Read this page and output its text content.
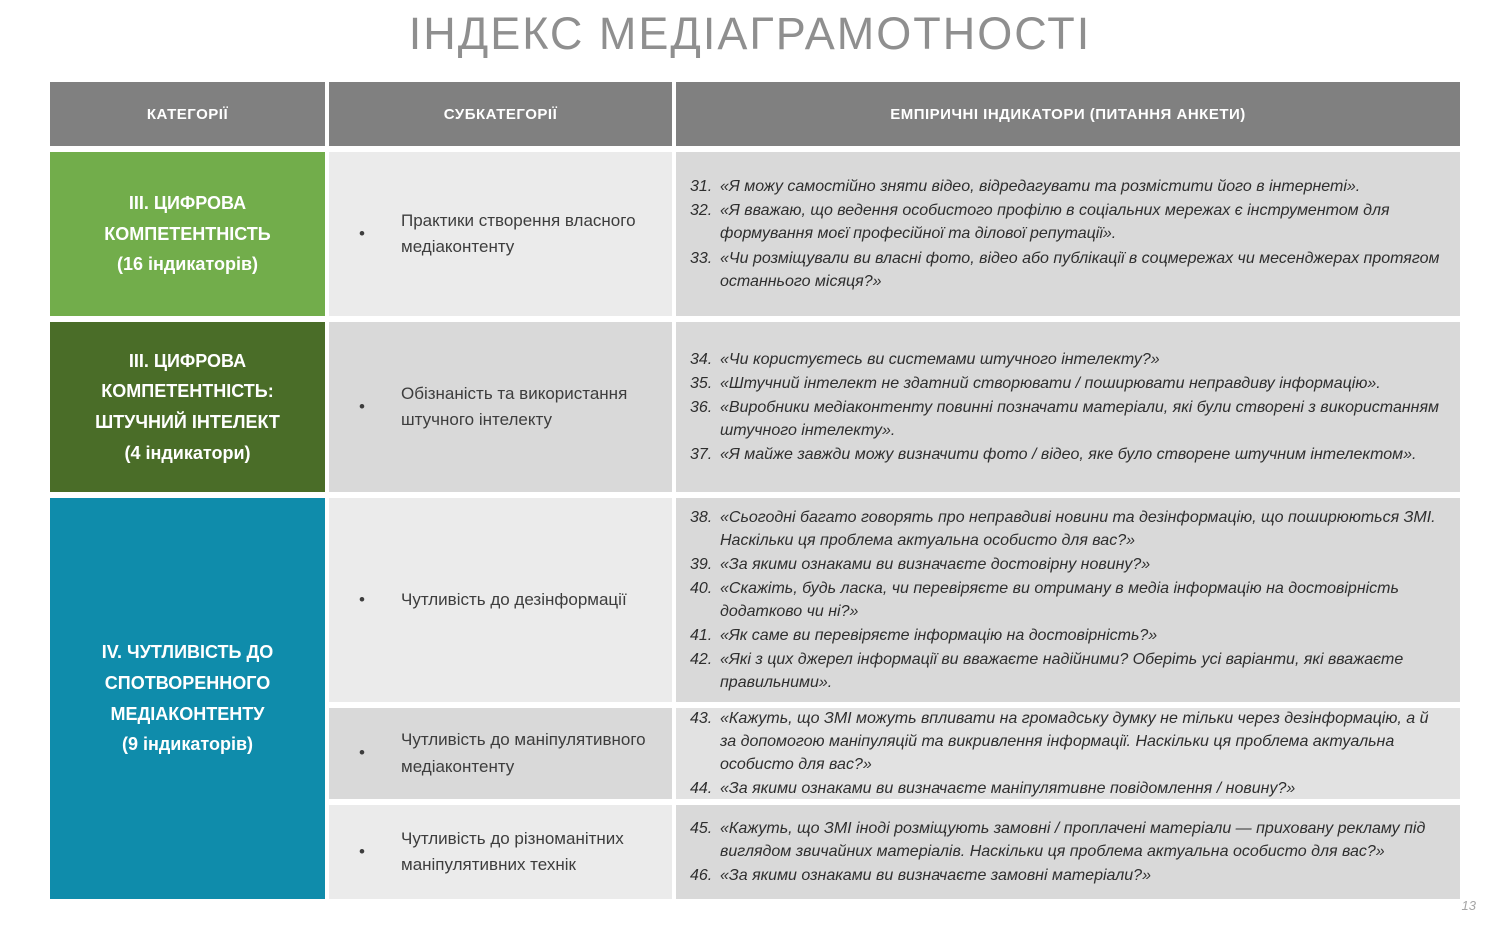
ІНДЕКС МЕДІАГРАМОТНОСТІ
КАТЕГОРІЇ	СУБКАТЕГОРІЇ	ЕМПІРИЧНІ ІНДИКАТОРИ (ПИТАННЯ АНКЕТИ)
ІІІ. ЦИФРОВА КОМПЕТЕНТНІСТЬ
(16 індикаторів)
•
Практики створення власного медіаконтенту
31. «Я можу самостійно зняти відео, відредагувати та розмістити його в інтернеті».
32. «Я вважаю, що ведення особистого профілю в соціальних мережах є інструментом для формування моєї професійної та ділової репутації».
33. «Чи розміщували ви власні фото, відео або публікації в соцмережах чи месенджерах протягом останнього місяця?»
ІІІ. ЦИФРОВА КОМПЕТЕНТНІСТЬ: ШТУЧНИЙ ІНТЕЛЕКТ
(4 індикатори)
•
Обізнаність та використання штучного інтелекту
34. «Чи користуєтесь ви системами штучного інтелекту?»
35. «Штучний інтелект не здатний створювати / поширювати неправдиву інформацію».
36. «Виробники медіаконтенту повинні позначати матеріали, які були створені з використанням штучного інтелекту».
37. «Я майже завжди можу визначити фото / відео, яке було створене штучним інтелектом».
IV. ЧУТЛИВІСТЬ ДО СПОТВОРЕННОГО МЕДІАКОНТЕНТУ
(9 індикаторів)
• Чутливість до дезінформації
38. «Сьогодні багато говорять про неправдиві новини та дезінформацію, що поширюються ЗМІ. Наскільки ця проблема актуальна особисто для вас?»
39. «За якими ознаками ви визначаєте достовірну новину?»
40. «Скажіть, будь ласка, чи перевіряєте ви отриману в медіа інформацію на достовірність додатково чи ні?»
41. «Як саме ви перевіряєте інформацію на достовірність?»
42. «Які з цих джерел інформації ви вважаєте надійними? Оберіть усі варіанти, які вважаєте правильними».
•
Чутливість до маніпулятивного медіаконтенту
43. «Кажуть, що ЗМІ можуть впливати на громадську думку не тільки через дезінформацію, а й за допомогою маніпуляцій та викривлення інформації. Наскільки ця проблема актуальна особисто для вас?»
44. «За якими ознаками ви визначаєте маніпулятивне повідомлення / новину?»
•
Чутливість до різноманітних маніпулятивних технік
45. «Кажуть, що ЗМІ іноді розміщують замовні / проплачені матеріали — приховану рекламу під виглядом звичайних матеріалів. Наскільки ця проблема актуальна особисто для вас?»
46. «За якими ознаками ви визначаєте замовні матеріали?»
13
